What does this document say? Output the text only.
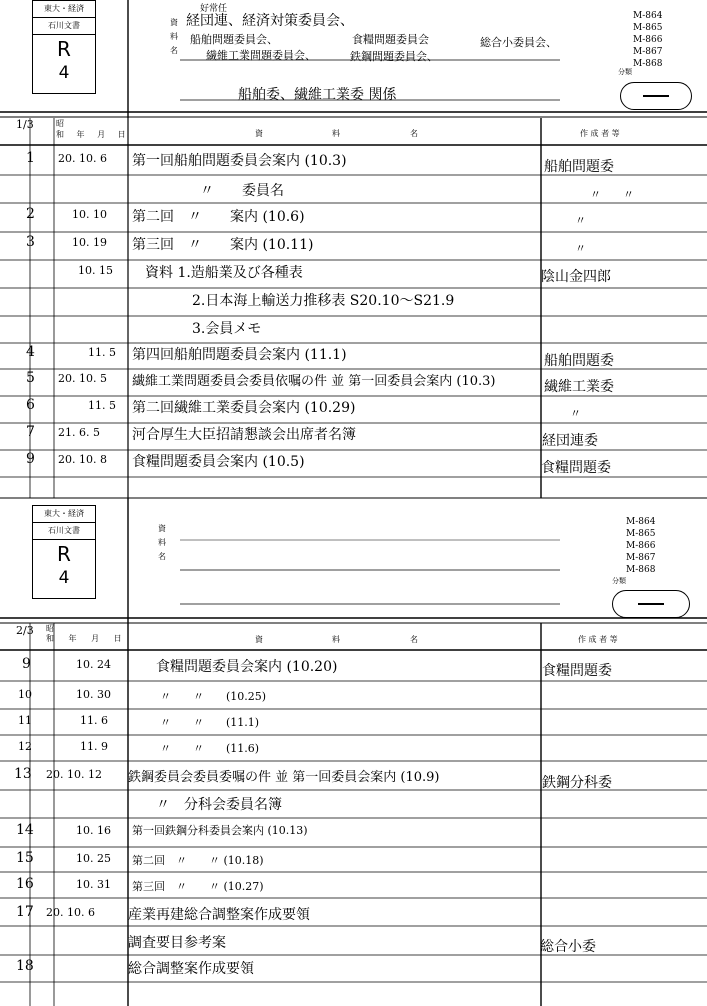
東大・経済
石川文書
R
4
資
料
名
好常任
経団連、経済対策委員会、
船舶問題委員会、	食糧問題委員会	総合小委員会、
繊維工業問題委員会、	鉄鋼問題委員会、
M-864
M-865
M-866
M-867
M-868
分類
船舶委、繊維工業委 関係
1/3	昭
和 年 月 日	資	料	名	作 成 者 等
1 20. 10. 6 第一回船舶問題委員会案内 (10.3)	船舶問題委
〃　　委員名	〃　　〃
2	10. 10 第二回　〃　　案内 (10.6)	〃
3	10. 19 第三回　〃　　案内 (10.11)	〃
10. 15 資料 1.造船業及び各種表	陰山金四郎
2.日本海上輸送力推移表 S20.10〜S21.9
3.会員メモ
4	11. 5 第四回船舶問題委員会案内 (11.1)	船舶問題委
5 20. 10. 5 繊維工業問題委員会委員依嘱の件 並 第一回委員会案内 (10.3)	繊維工業委
6	11. 5 第二回繊維工業委員会案内 (10.29)	〃
7 21. 6. 5 河合厚生大臣招請懇談会出席者名簿	経団連委
9 20. 10. 8 食糧問題委員会案内 (10.5)	食糧問題委
東大・経済
石川文書
R
4
資
料
名
M-864
M-865
M-866
M-867
M-868
分類
2/3 昭
和 年 月 日	資	料	名	作 成 者 等
9	10. 24	食糧問題委員会案内 (10.20)	食糧問題委
10	10. 30	〃　　〃　　(10.25)
11	11. 6	〃　　〃　　(11.1)
12	11. 9	〃　　〃　　(11.6)
13 20. 10. 12 鉄鋼委員会委員委嘱の件 並 第一回委員会案内 (10.9)	鉄鋼分科委
〃　分科会委員名簿
14	10. 16 第一回鉄鋼分科委員会案内 (10.13)
15	10. 25 第二回　〃　　〃 (10.18)
16	10. 31 第三回　〃　　〃 (10.27)
17 20. 10. 6 産業再建総合調整案作成要領
調査要目参考案	総合小委
18	総合調整案作成要領
